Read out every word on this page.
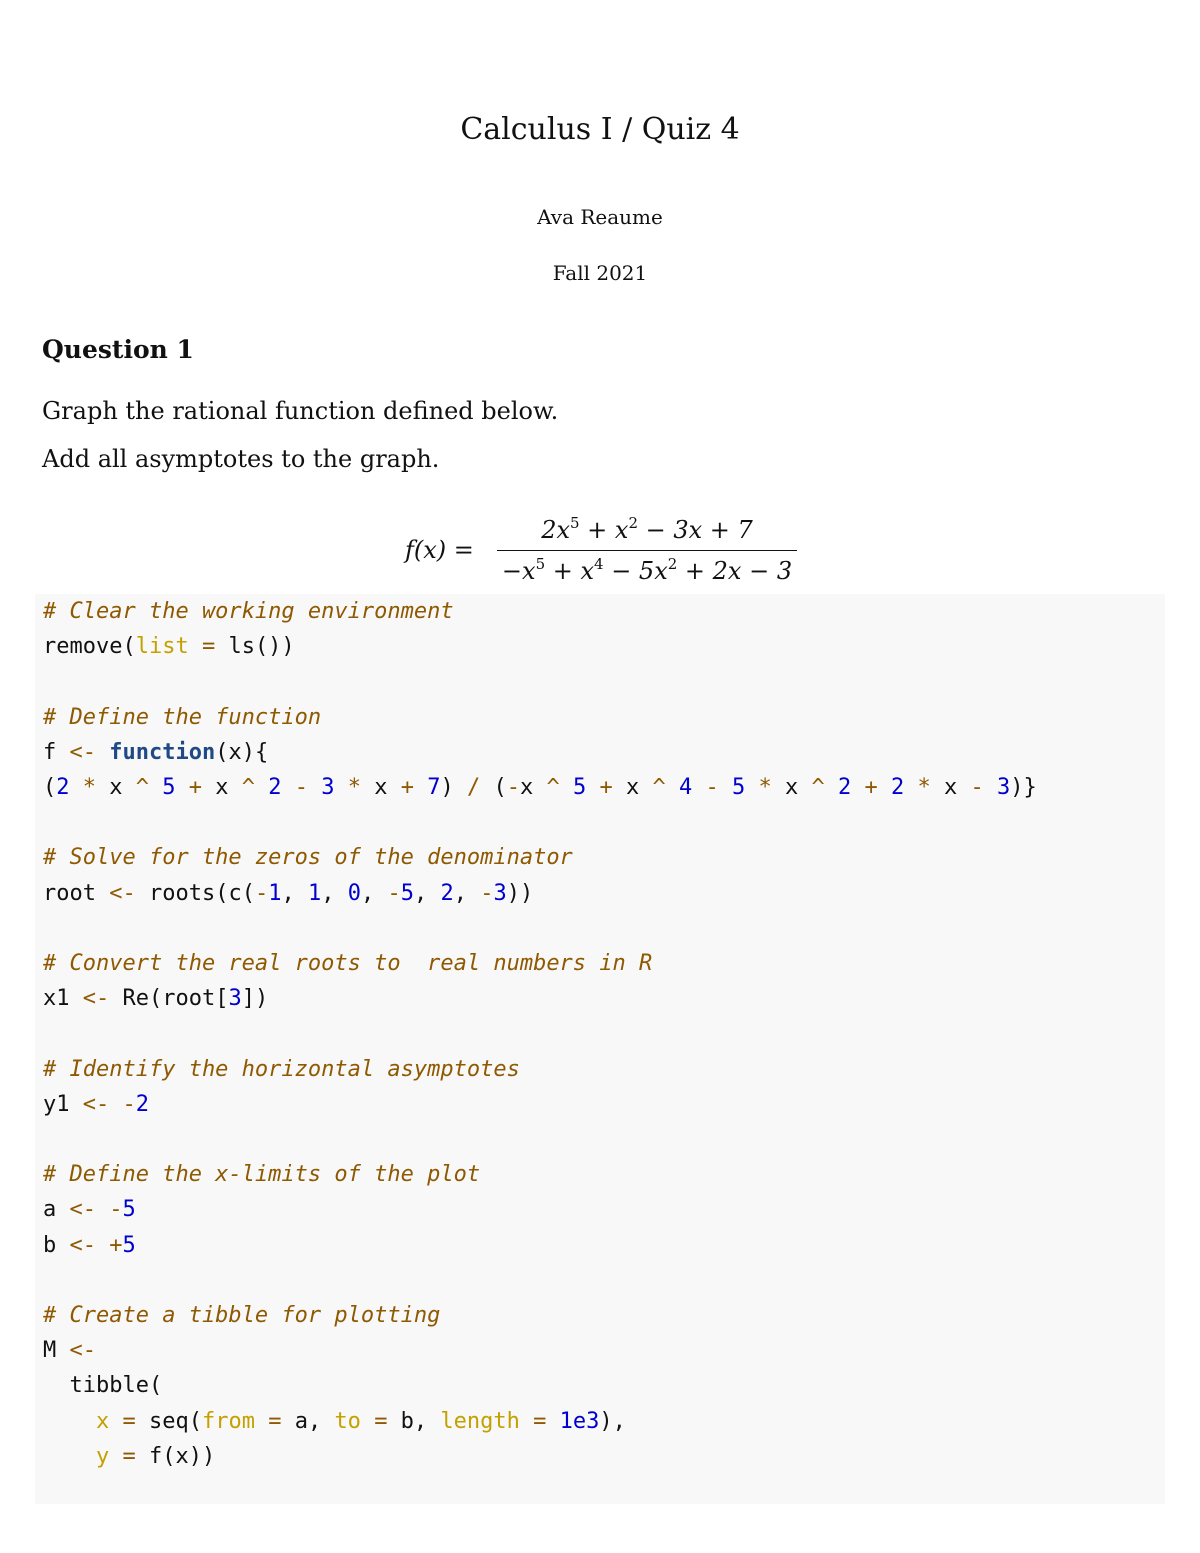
Calculus I / Quiz 4
Ava Reaume
Fall 2021
Question 1
Graph the rational function defined below.
Add all asymptotes to the graph.
f(x) =
$2x^5 + x^2 - 3x + 7$
$-x^5 + x^4 - 5x^2 + 2x - 3$
# Clear the working environment
remove(list = ls())

# Define the function
f <- function(x){
(2 * x ^ 5 + x ^ 2 - 3 * x + 7) / (-x ^ 5 + x ^ 4 - 5 * x ^ 2 + 2 * x - 3)}

# Solve for the zeros of the denominator
root <- roots(c(-1, 1, 0, -5, 2, -3))

# Convert the real roots to  real numbers in R
x1 <- Re(root[3])

# Identify the horizontal asymptotes
y1 <- -2

# Define the x-limits of the plot
a <- -5
b <- +5

# Create a tibble for plotting
M <-
tibble(
x = seq(from = a, to = b, length = 1e3),
y = f(x))
